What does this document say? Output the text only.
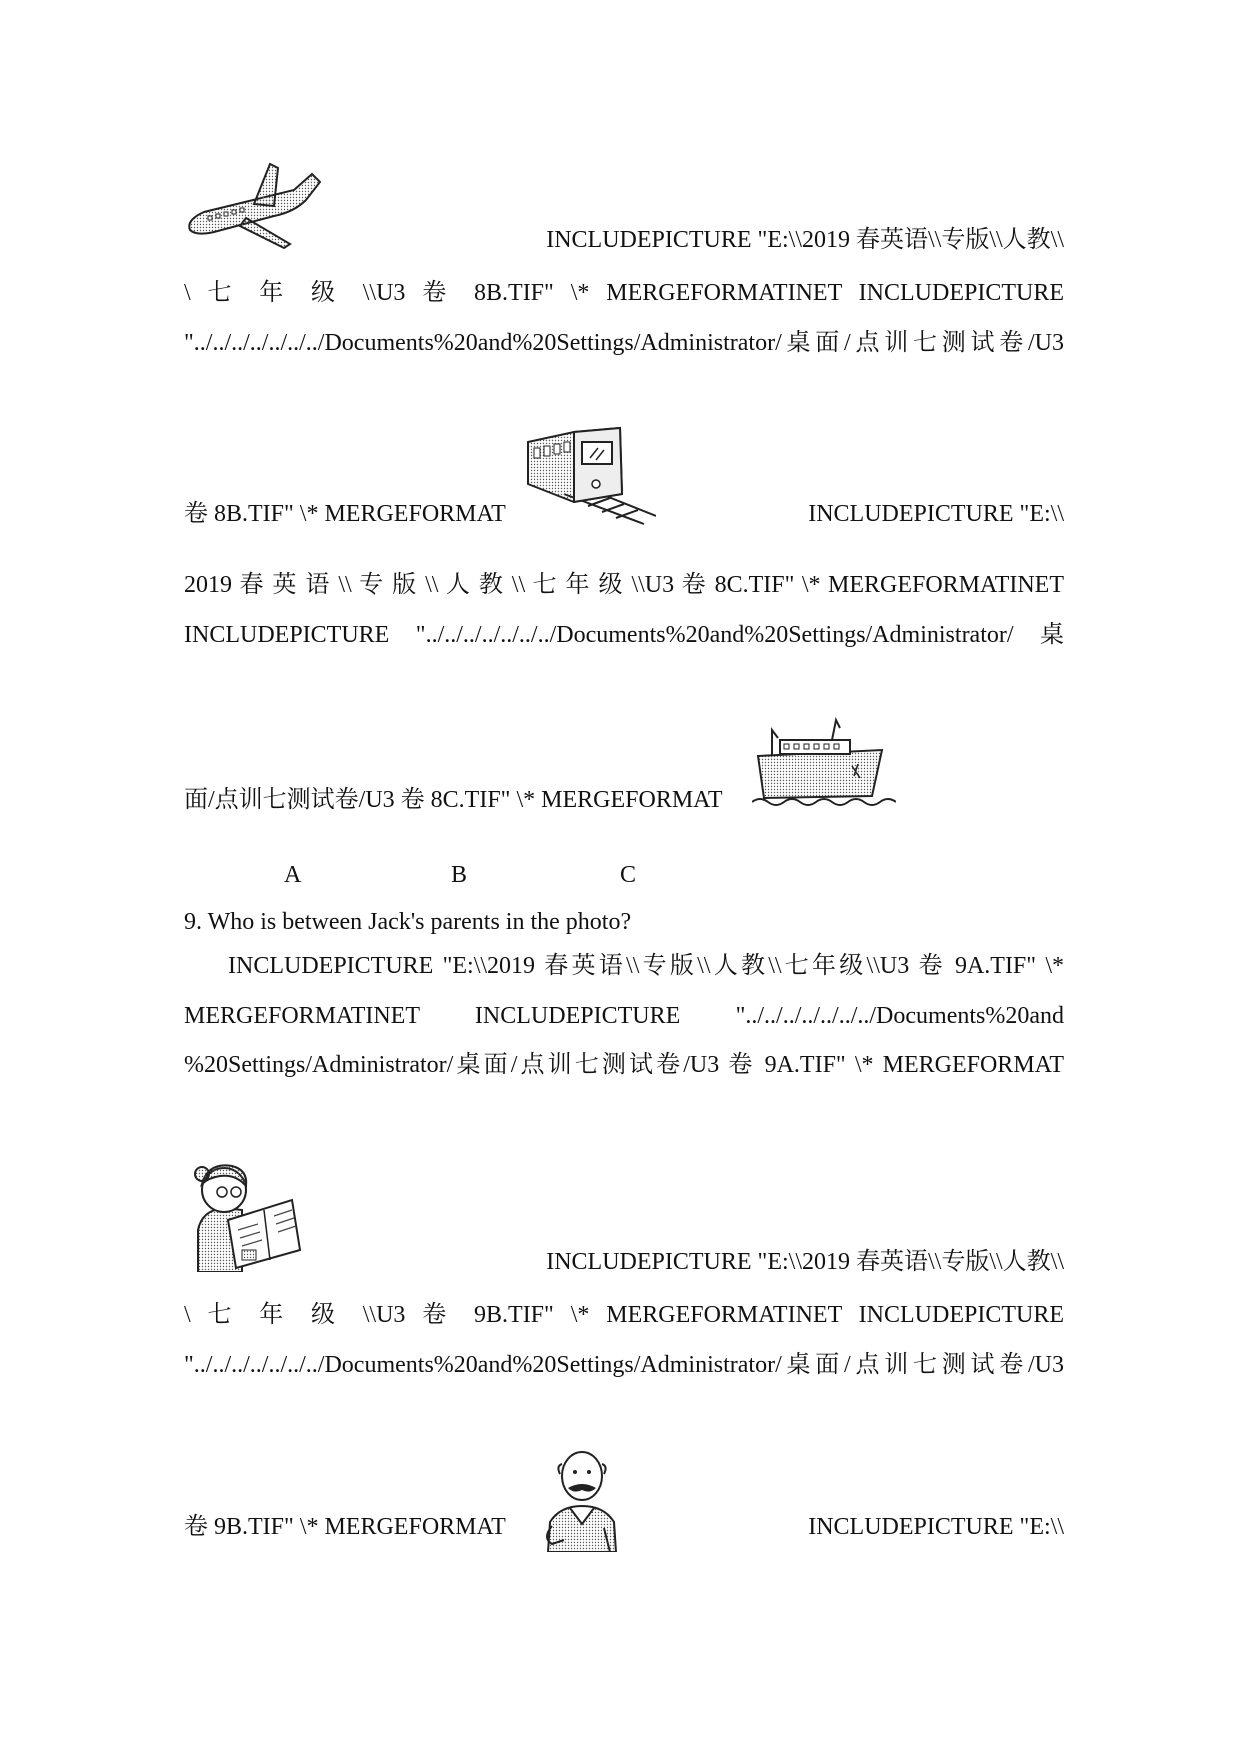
INCLUDEPICTURE "E:\\2019 春英语\\专版\\人教\\
\ 七 年 级 \\U3 卷 8B.TIF" \* MERGEFORMATINET INCLUDEPICTURE
"../../../../../../../Documents%20and%20Settings/Administrator/桌面/点训七测试卷/U3
卷 8B.TIF" \* MERGEFORMAT	INCLUDEPICTURE "E:\\
2019 春 英 语 \\ 专 版 \\ 人 教 \\ 七 年 级 \\U3 卷 8C.TIF" \* MERGEFORMATINET
INCLUDEPICTURE "../../../../../../../Documents%20and%20Settings/Administrator/ 桌
面/点训七测试卷/U3 卷 8C.TIF" \* MERGEFORMAT
A	B	C
9. Who is between Jack's parents in the photo?
INCLUDEPICTURE "E:\\2019 春英语\\专版\\人教\\七年级\\U3 卷 9A.TIF" \*
MERGEFORMATINET INCLUDEPICTURE "../../../../../../../Documents%20and
%20Settings/Administrator/桌面/点训七测试卷/U3 卷 9A.TIF" \* MERGEFORMAT
INCLUDEPICTURE "E:\\2019 春英语\\专版\\人教\\
\ 七 年 级 \\U3 卷 9B.TIF" \* MERGEFORMATINET INCLUDEPICTURE
"../../../../../../../Documents%20and%20Settings/Administrator/桌面/点训七测试卷/U3
卷 9B.TIF" \* MERGEFORMAT	INCLUDEPICTURE "E:\\
